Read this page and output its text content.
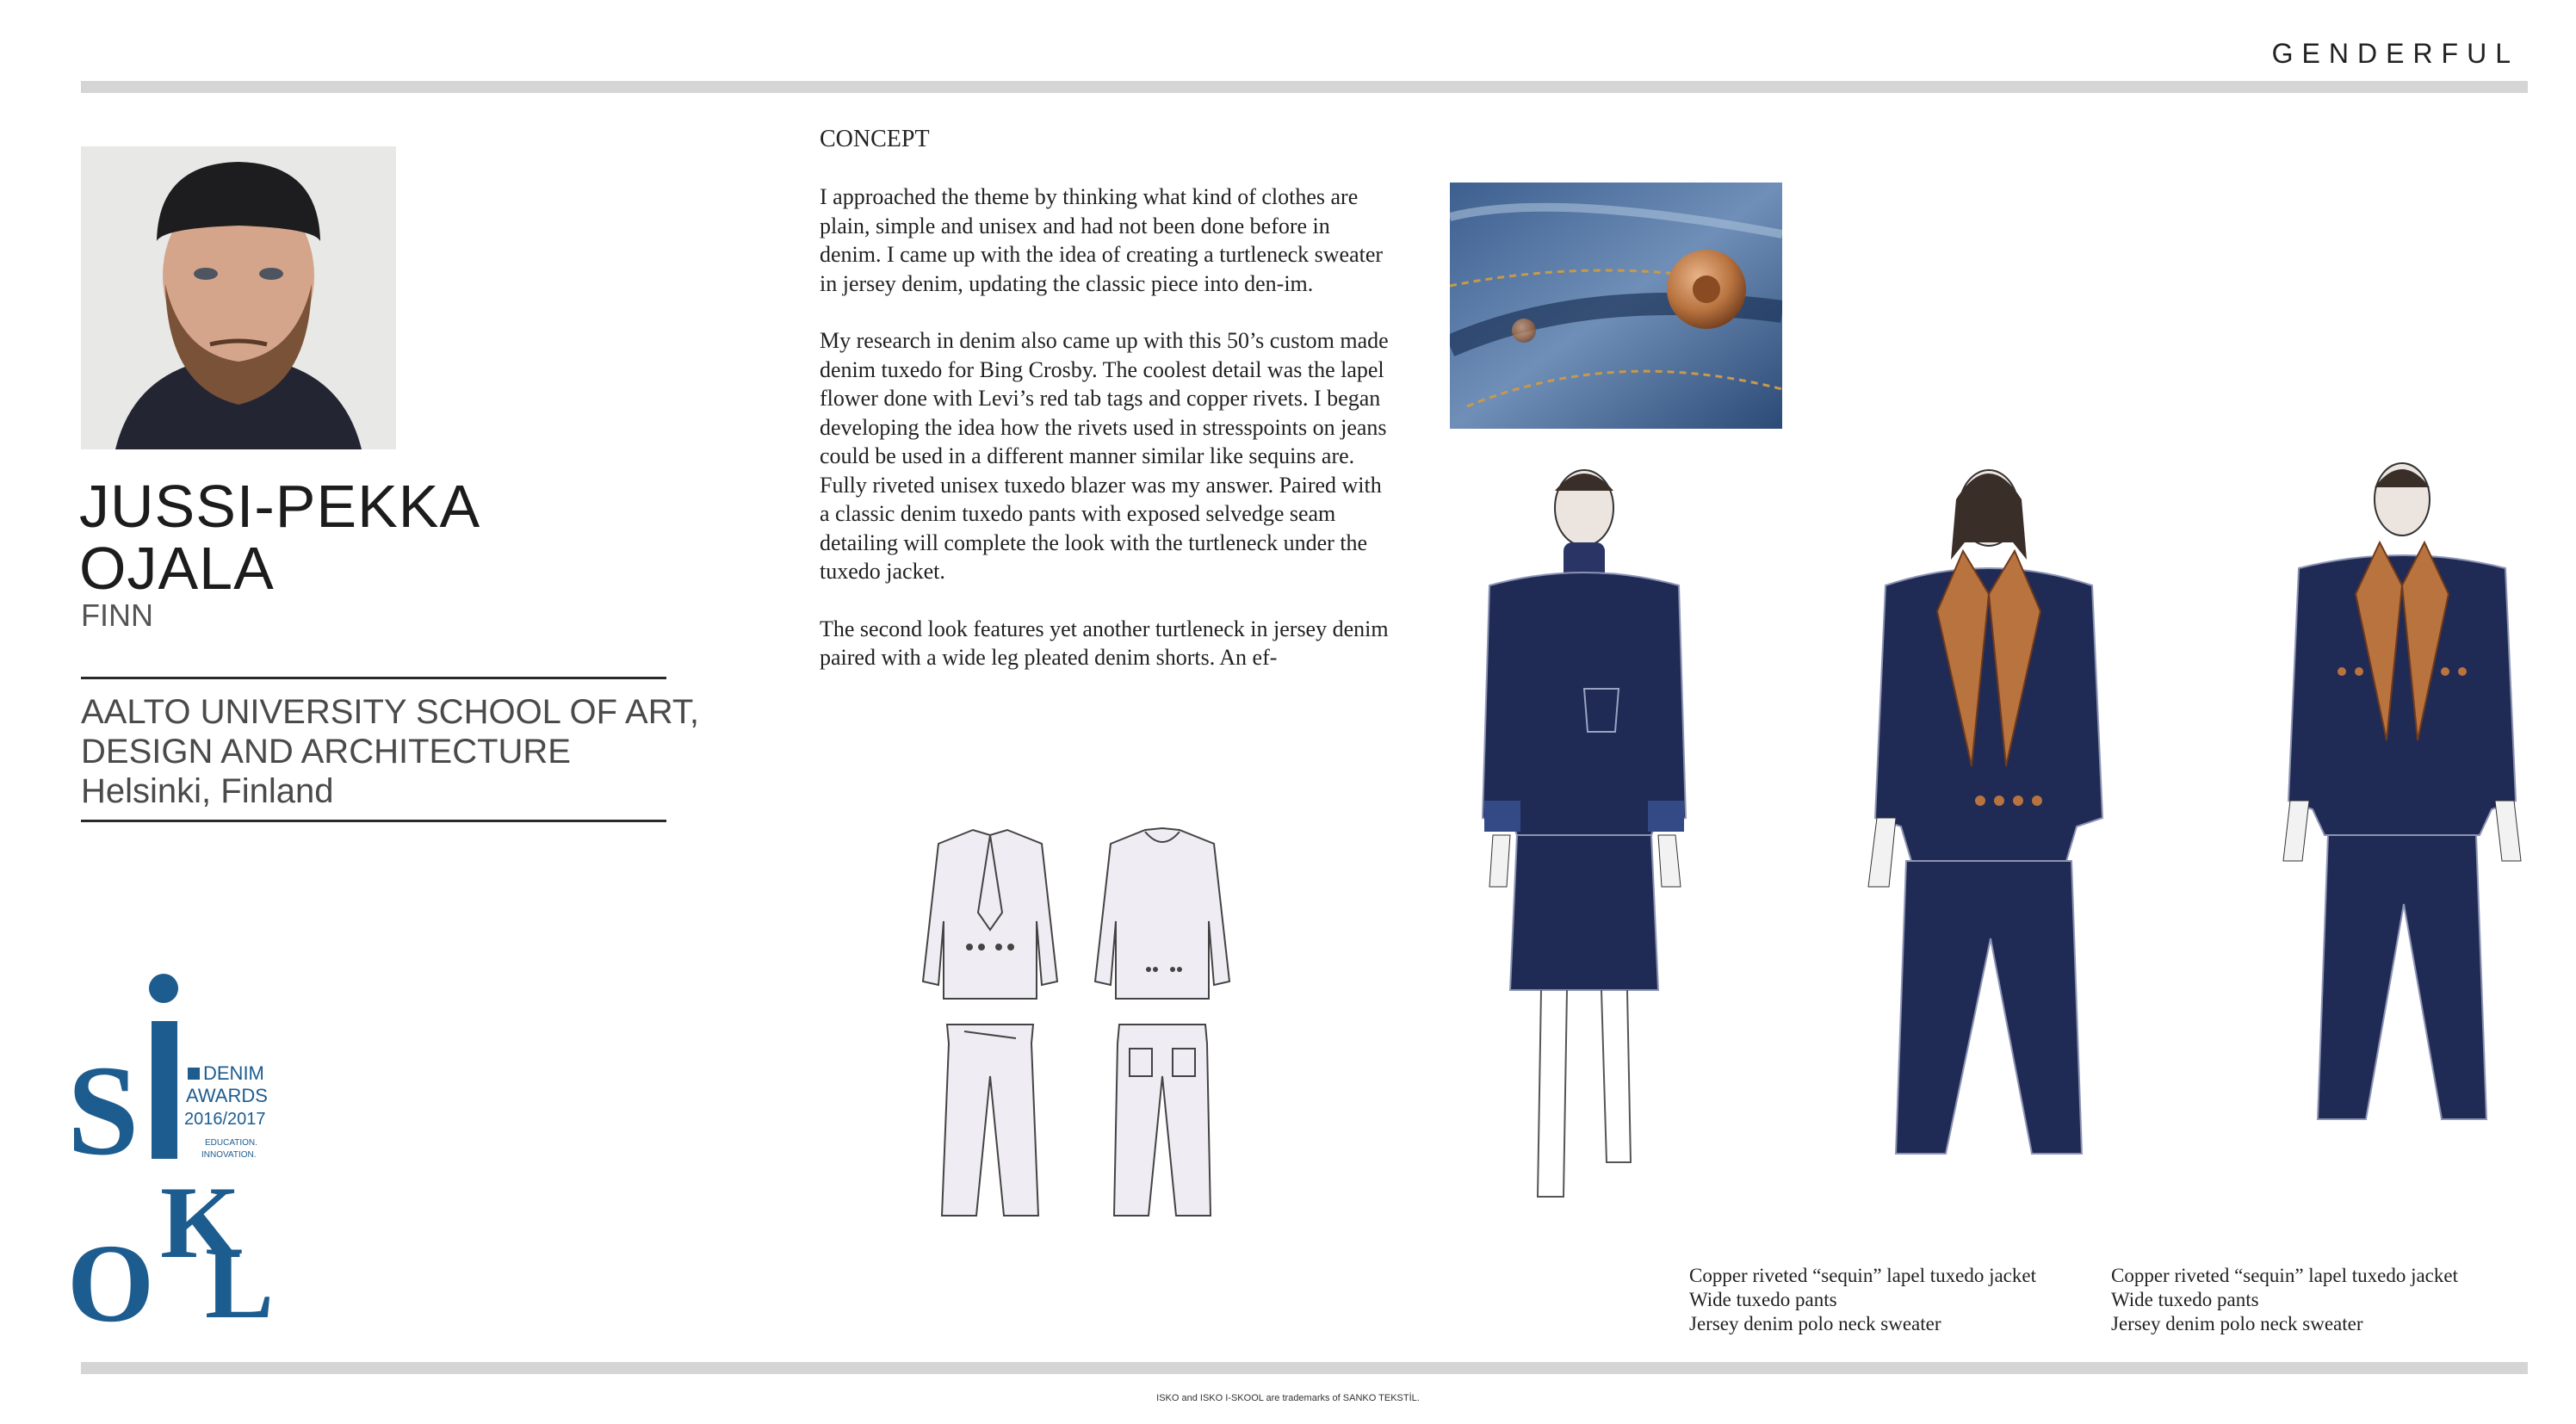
GENDERFUL
JUSSI-PEKKA
OJALA
FINN
AALTO UNIVERSITY SCHOOL OF ART,
DESIGN AND ARCHITECTURE
Helsinki, Finland
CONCEPT

I approached the theme by thinking what kind of clothes are plain, simple and unisex and had not been done before in denim. I came up with the idea of creating a turtleneck sweater in jersey denim, updating the classic piece into den-im.

My research in denim also came up with this 50’s custom made denim tuxedo for Bing Crosby. The coolest detail was the lapel flower done with Levi’s red tab tags and copper rivets. I began developing the idea how the rivets used in stresspoints on jeans could be used in a different manner similar like sequins are. Fully riveted unisex tuxedo blazer was my answer. Paired with a classic denim tuxedo pants with exposed selvedge seam detailing will complete the look with the turtleneck under the tuxedo jacket.

The second look features yet another turtleneck in jersey denim paired with a wide leg pleated denim shorts. An ef-

Copper riveted “sequin” lapel tuxedo jacket
Wide tuxedo pants
Jersey denim polo neck sweater
Copper riveted “sequin” lapel tuxedo jacket
Wide tuxedo pants
Jersey denim polo neck sweater
S
K
O L
DENIM
AWARDS
2016/2017
EDUCATION.
INNOVATION.
ISKO and ISKO I-SKOOL are trademarks of SANKO TEKSTİL.
